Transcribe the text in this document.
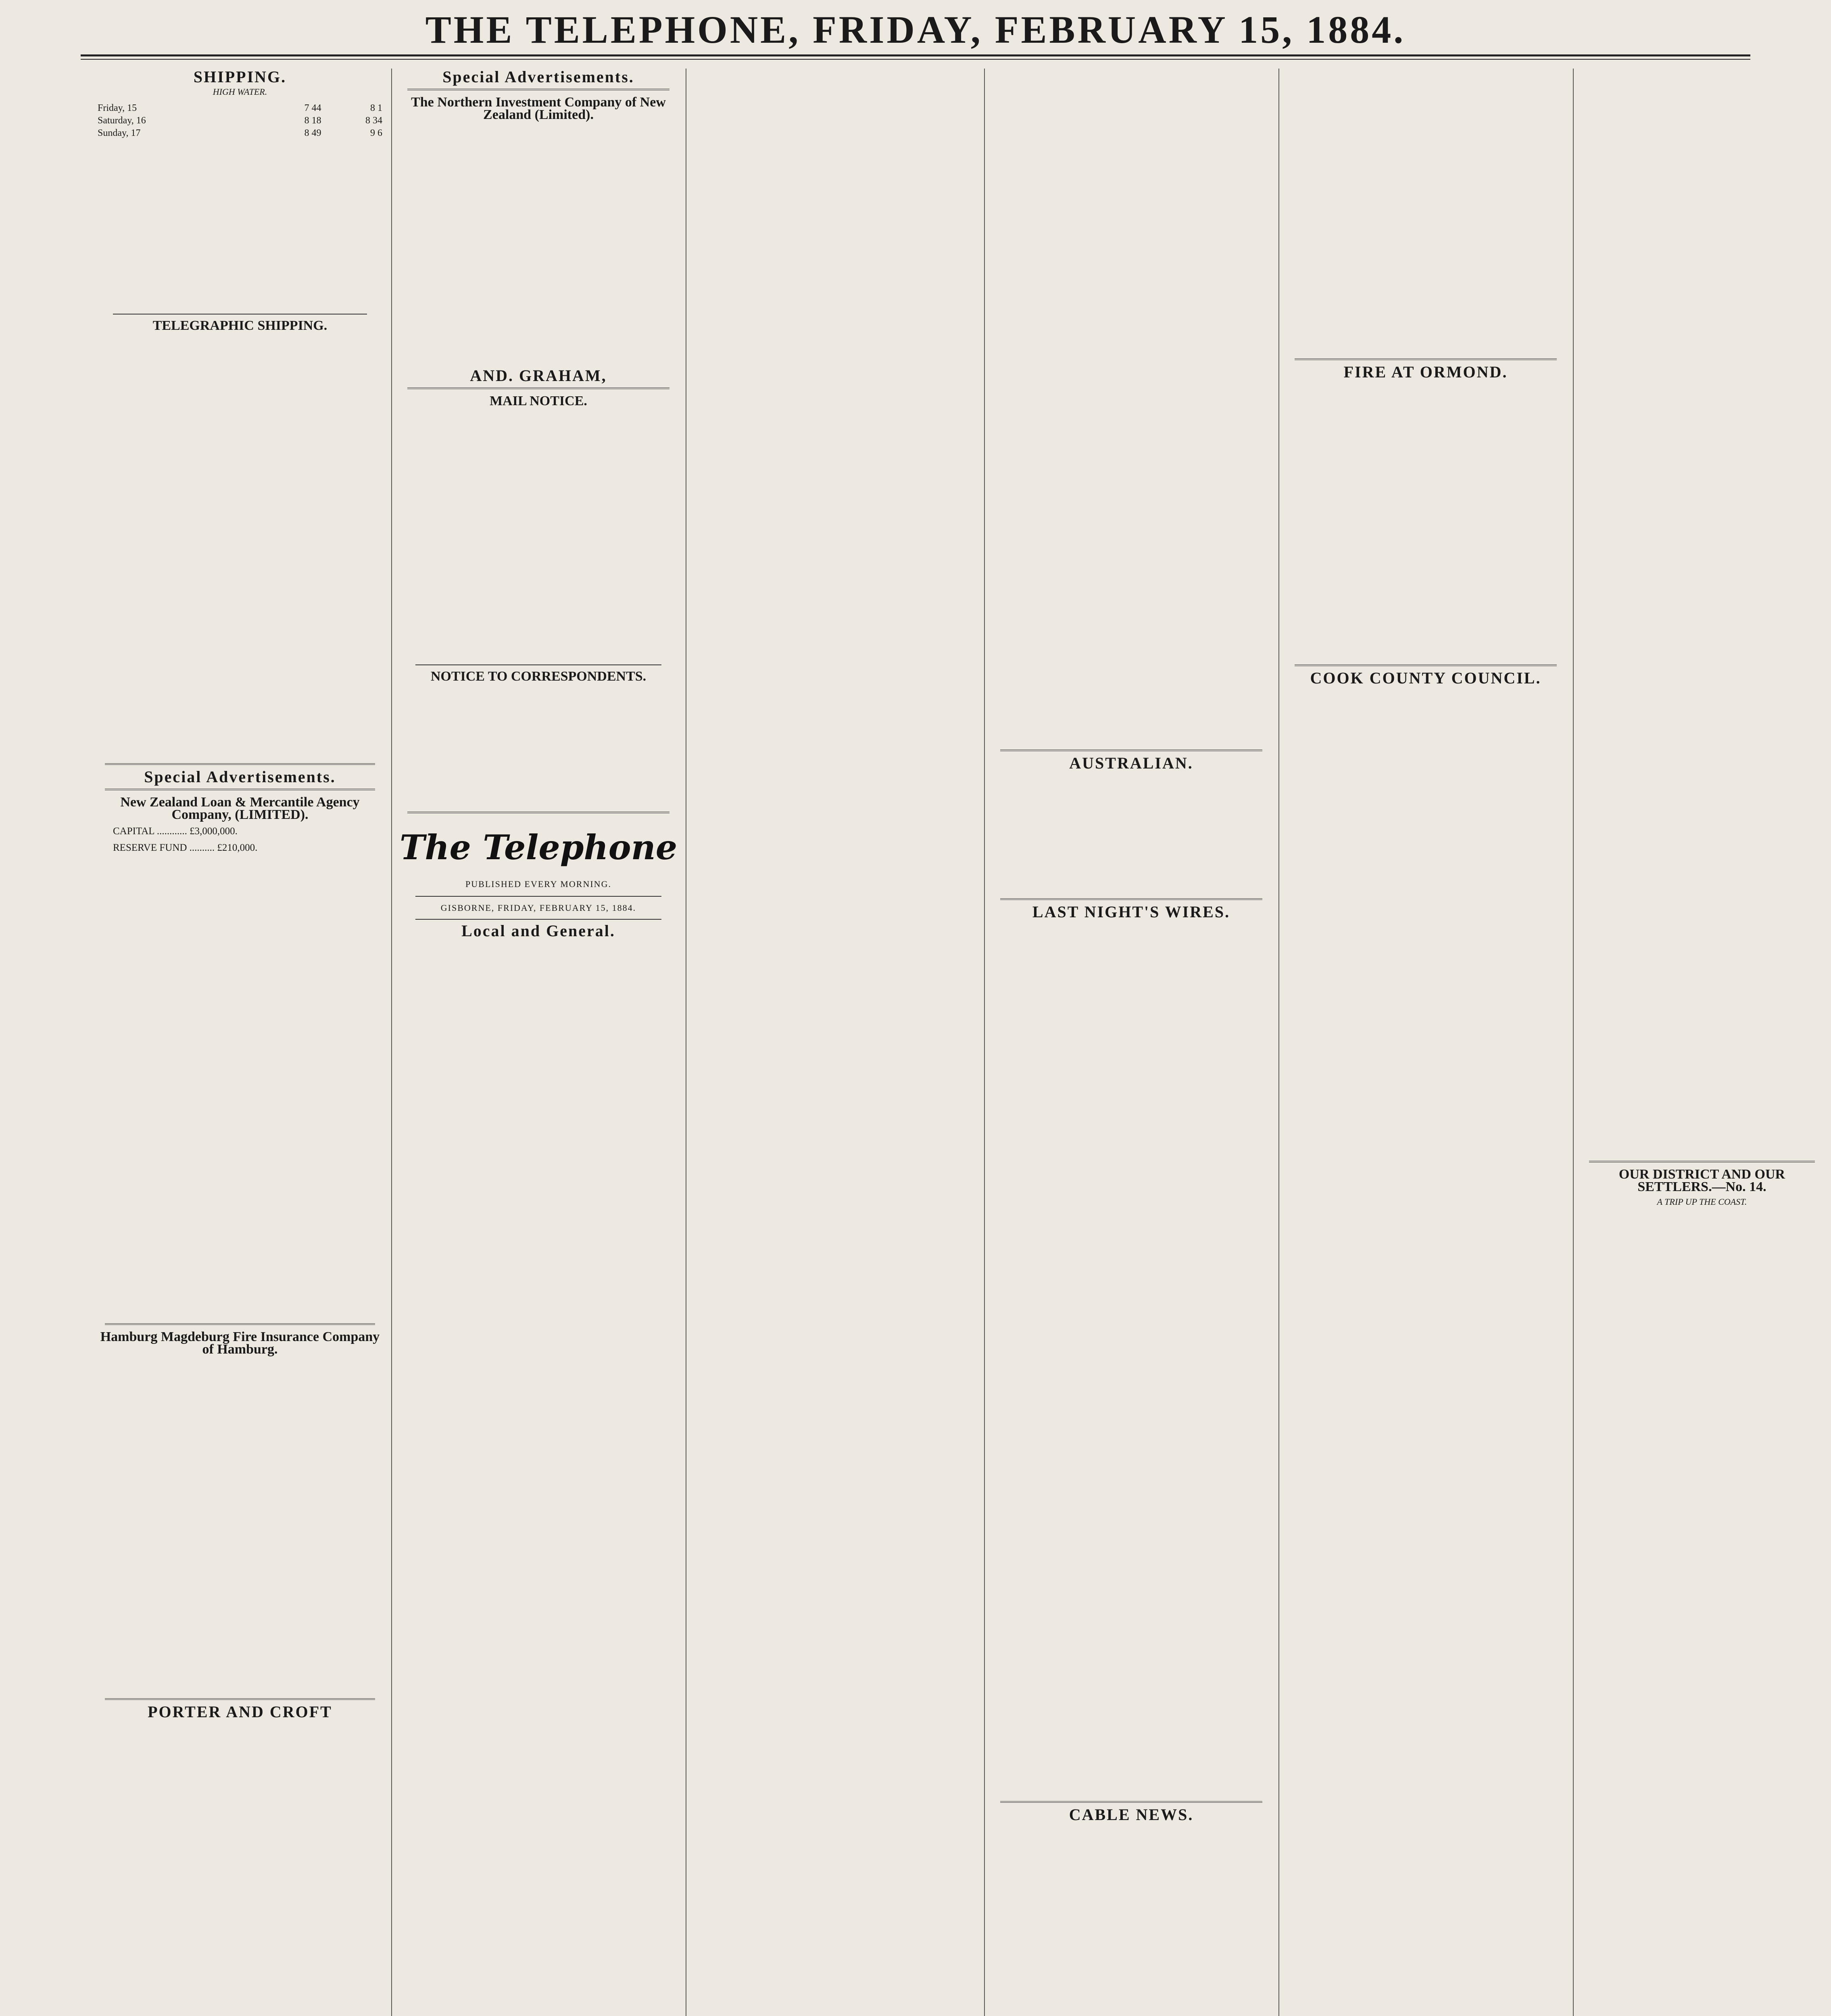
THE TELEPHONE, FRIDAY, FEBRUARY 15, 1884.
SHIPPING.
HIGH WATER.
Friday, 15	7 44	8 1
Saturday, 16	8 18	8 34
Sunday, 17	8 49	9 6
TELEGRAPHIC SHIPPING.
Special Advertisements.
New Zealand Loan & Mercantile Agency Company, (LIMITED).
CAPITAL ............ £3,000,000.
RESERVE FUND .......... £210,000.
Hamburg Magdeburg Fire Insurance Company of Hamburg.
PORTER AND CROFT
Special Advertisements.
The Northern Investment Company of New Zealand (Limited).
AND. GRAHAM,
MAIL NOTICE.
NOTICE TO CORRESPONDENTS.
The Telephone
PUBLISHED EVERY MORNING.
GISBORNE, FRIDAY, FEBRUARY 15, 1884.
Local and General.
AUSTRALIAN.
LAST NIGHT'S WIRES.
CABLE NEWS.
FIRE AT ORMOND.
COOK COUNTY COUNCIL.
OUR DISTRICT AND OUR SETTLERS.—No. 14.
A TRIP UP THE COAST.
